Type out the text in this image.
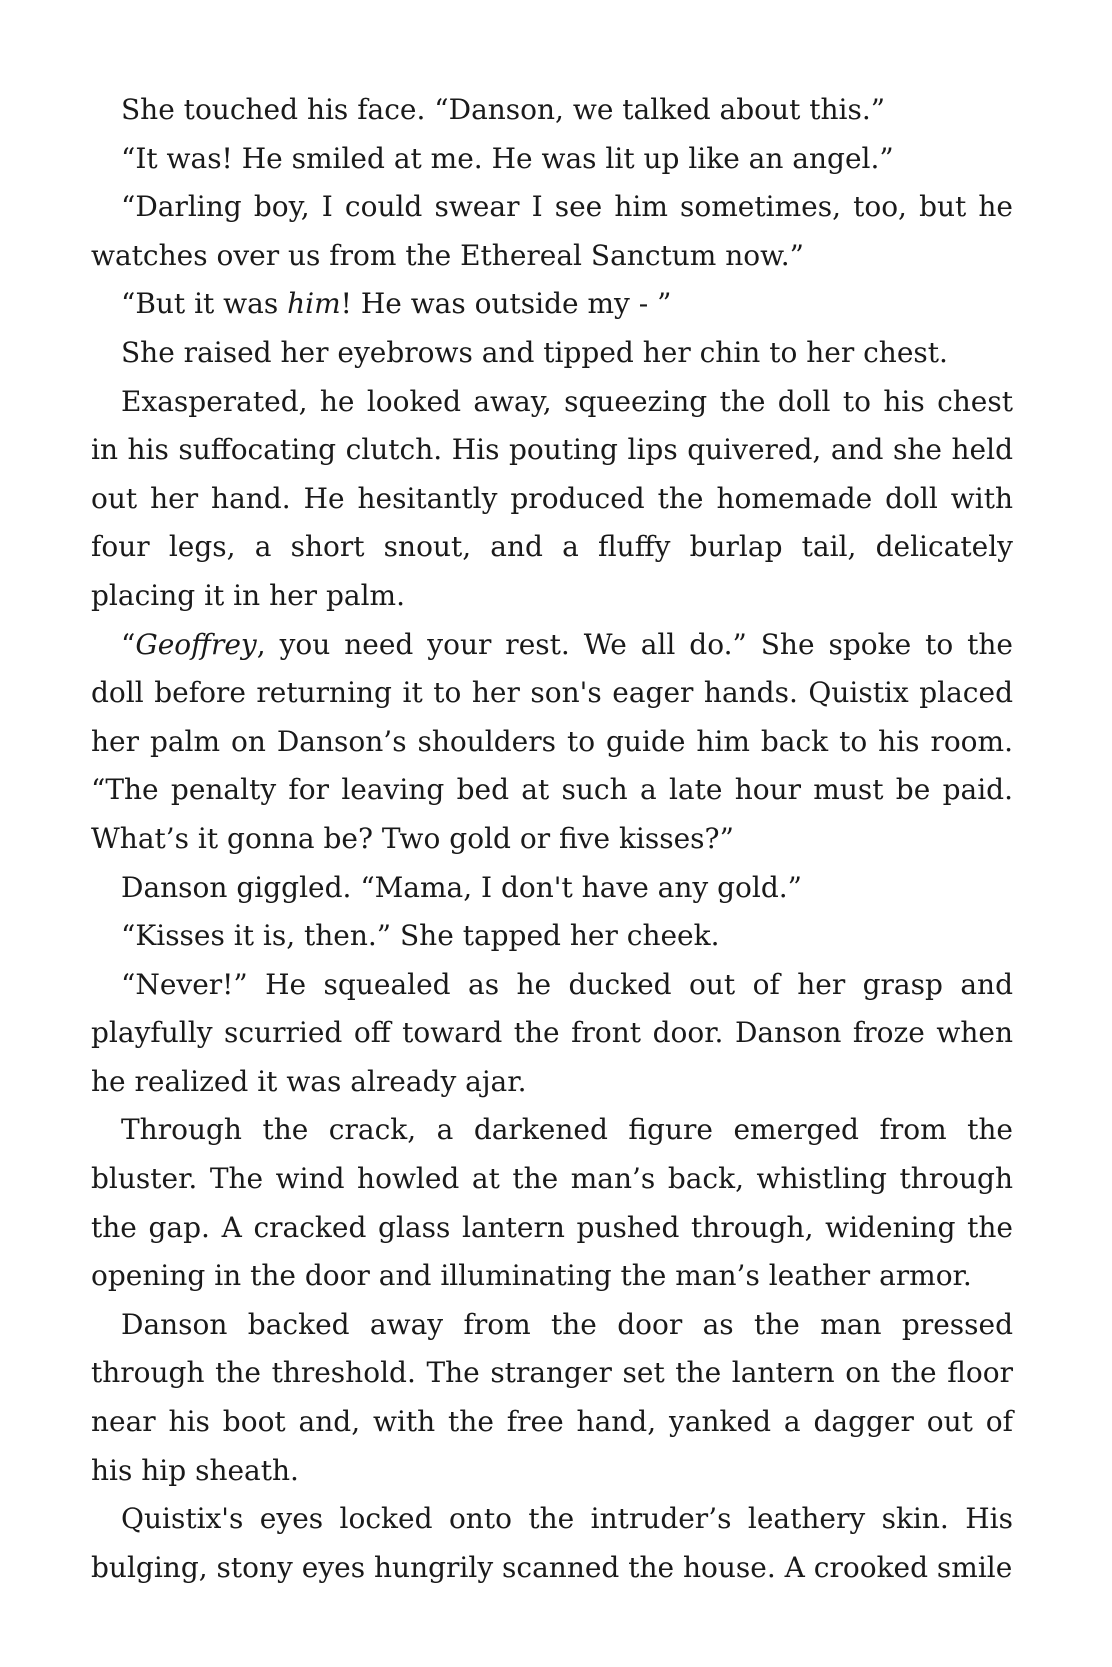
She touched his face. “Danson, we talked about this.”

“It was! He smiled at me. He was lit up like an angel.”

“Darling boy, I could swear I see him sometimes, too, but he watches over us from the Ethereal Sanctum now.”

“But it was him! He was outside my - ”

She raised her eyebrows and tipped her chin to her chest.

Exasperated, he looked away, squeezing the doll to his chest in his suffocating clutch. His pouting lips quivered, and she held out her hand. He hesitantly produced the homemade doll with four legs, a short snout, and a fluffy burlap tail, delicately placing it in her palm.

“Geoffrey, you need your rest. We all do.” She spoke to the doll before returning it to her son's eager hands. Quistix placed her palm on Danson’s shoulders to guide him back to his room. “The penalty for leaving bed at such a late hour must be paid. What’s it gonna be? Two gold or five kisses?”

Danson giggled. “Mama, I don't have any gold.”

“Kisses it is, then.” She tapped her cheek.

“Never!” He squealed as he ducked out of her grasp and playfully scurried off toward the front door. Danson froze when he realized it was already ajar.

Through the crack, a darkened figure emerged from the bluster. The wind howled at the man’s back, whistling through the gap. A cracked glass lantern pushed through, widening the opening in the door and illuminating the man’s leather armor.

Danson backed away from the door as the man pressed through the threshold. The stranger set the lantern on the floor near his boot and, with the free hand, yanked a dagger out of his hip sheath.

Quistix's eyes locked onto the intruder’s leathery skin. His bulging, stony eyes hungrily scanned the house. A crooked smile
